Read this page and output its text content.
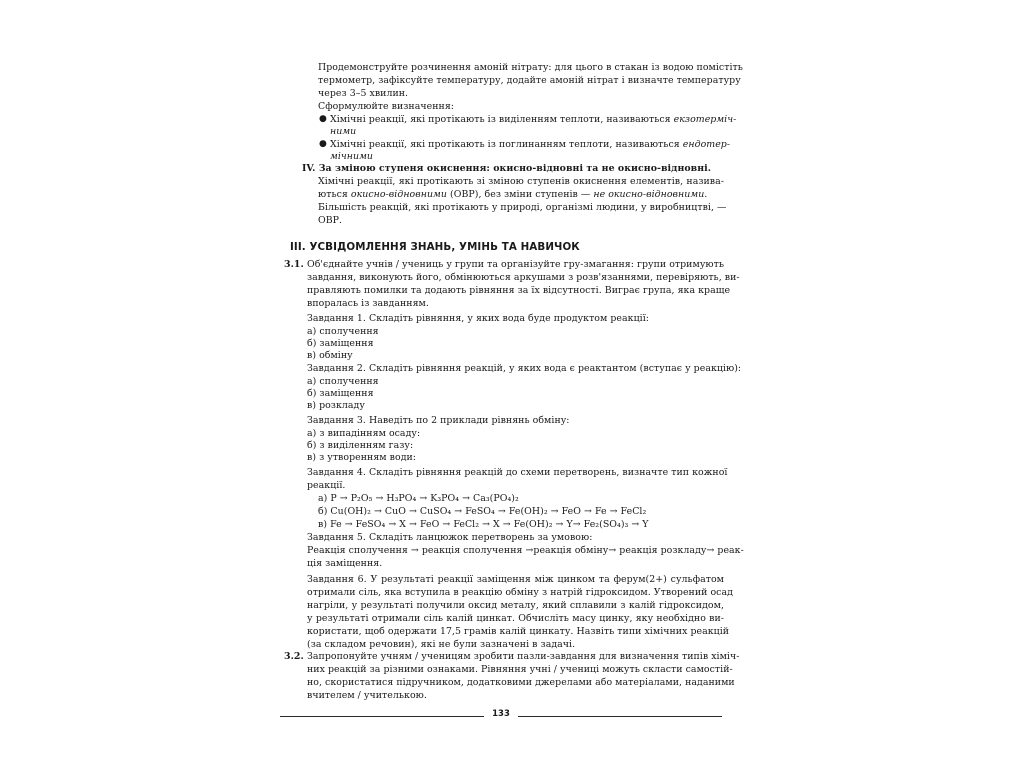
Продемонструйте розчинення амоній нітрату: для цього в стакан із водою помістіть
термометр, зафіксуйте температуру, додайте амоній нітрат і визначте температуру
через 3–5 хвилин.
Сформулюйте визначення:
● Хімічні реакції, які протікають із виділенням теплоти, називаються екзотерміч-
ними
● Хімічні реакції, які протікають із поглинанням теплоти, називаються ендотер-
мічними
IV. За зміною ступеня окиснення: окисно-відновні та не окисно-відновні.
Хімічні реакції, які протікають зі зміною ступенів окиснення елементів, назива-
ються окисно-відновними (ОВР), без зміни ступенів — не окисно-відновними.
Більшість реакцій, які протікають у природі, організмі людини, у виробництві, —
ОВР.
ІІІ. УСВІДОМЛЕННЯ ЗНАНЬ, УМІНЬ ТА НАВИЧОК
3.1. Об'єднайте учнів / учениць у групи та організуйте гру-змагання: групи отримують
завдання, виконують його, обмінюються аркушами з розв'язаннями, перевіряють, ви-
правляють помилки та додають рівняння за їх відсутності. Виграє група, яка краще
впоралась із завданням.
Завдання 1. Складіть рівняння, у яких вода буде продуктом реакції:
а) сполучення
б) заміщення
в) обміну
Завдання 2. Складіть рівняння реакцій, у яких вода є реактантом (вступає у реакцію):
а) сполучення
б) заміщення
в) розкладу
Завдання 3. Наведіть по 2 приклади рівнянь обміну:
а) з випадінням осаду:
б) з виділенням газу:
в) з утворенням води:
Завдання 4. Складіть рівняння реакцій до схеми перетворень, визначте тип кожної
реакції.
а) P → P₂O₅ → H₃PO₄ → K₃PO₄ → Ca₃(PO₄)₂
б) Cu(OH)₂ → CuO → CuSO₄ → FeSO₄ → Fe(OH)₂ → FeO → Fe → FeCl₂
в) Fe → FeSO₄ → X → FeO → FeCl₂ → X → Fe(OH)₂ → Y→ Fe₂(SO₄)₃ → Y
Завдання 5. Складіть ланцюжок перетворень за умовою:
Реакція сполучення → реакція сполучення →реакція обміну→ реакція розкладу→ реак-
ція заміщення.
Завдання 6. У результаті реакції заміщення між цинком та ферум(2+) сульфатом
отримали сіль, яка вступила в реакцію обміну з натрій гідроксидом. Утворений осад
нагріли, у результаті получили оксид металу, який сплавили з калій гідроксидом,
у результаті отримали сіль калій цинкат. Обчисліть масу цинку, яку необхідно ви-
користати, щоб одержати 17,5 грамів калій цинкату. Назвіть типи хімічних реакцій
(за складом речовин), які не були зазначені в задачі.
3.2. Запропонуйте учням / ученицям зробити пазли-завдання для визначення типів хіміч-
них реакцій за різними ознаками. Рівняння учні / учениці можуть скласти самостій-
но, скористатися підручником, додатковими джерелами або матеріалами, наданими
вчителем / учителькою.
133
